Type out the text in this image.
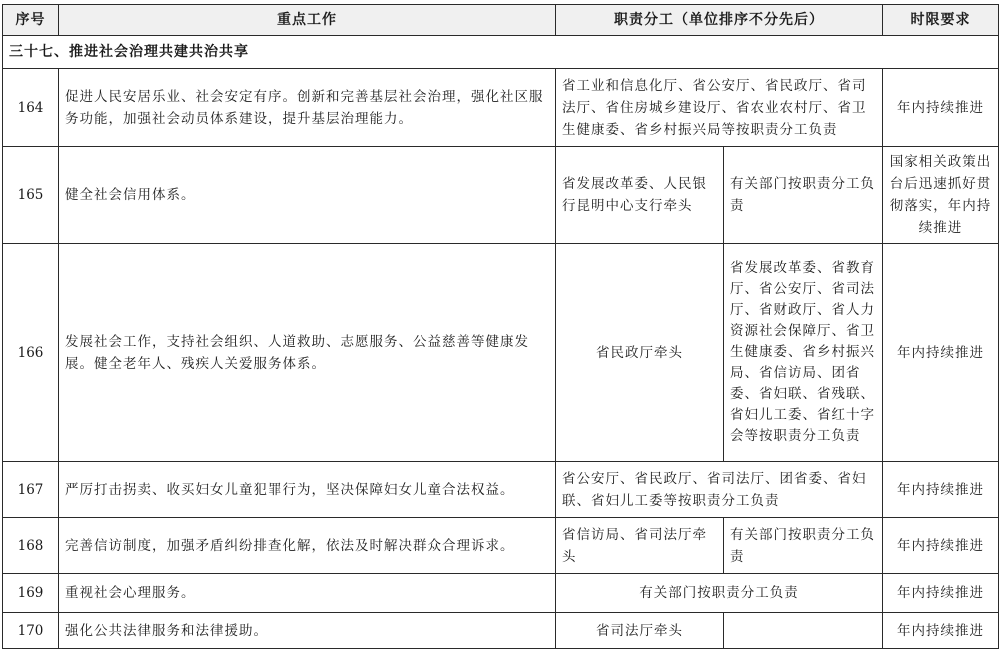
序号	重点工作	职责分工（单位排序不分先后）		时限要求
三十七、推进社会治理共建共治共享				
164	促进人民安居乐业、社会安定有序。创新和完善基层社会治理，强化社区服务功能，加强社会动员体系建设，提升基层治理能力。	省工业和信息化厅、省公安厅、省民政厅、省司法厅、省住房城乡建设厅、省农业农村厅、省卫生健康委、省乡村振兴局等按职责分工负责		年内持续推进
165	健全社会信用体系。	省发展改革委、人民银行昆明中心支行牵头	有关部门按职责分工负责	国家相关政策出台后迅速抓好贯彻落实，年内持续推进
166	发展社会工作，支持社会组织、人道救助、志愿服务、公益慈善等健康发展。健全老年人、残疾人关爱服务体系。	省民政厅牵头	省发展改革委、省教育厅、省公安厅、省司法厅、省财政厅、省人力资源社会保障厅、省卫生健康委、省乡村振兴局、省信访局、团省委、省妇联、省残联、省妇儿工委、省红十字会等按职责分工负责	年内持续推进
167	严厉打击拐卖、收买妇女儿童犯罪行为，坚决保障妇女儿童合法权益。	省公安厅、省民政厅、省司法厅、团省委、省妇联、省妇儿工委等按职责分工负责		年内持续推进
168	完善信访制度，加强矛盾纠纷排查化解，依法及时解决群众合理诉求。	省信访局、省司法厅牵头	有关部门按职责分工负责	年内持续推进
169	重视社会心理服务。	有关部门按职责分工负责		年内持续推进
170	强化公共法律服务和法律援助。	省司法厅牵头		年内持续推进
